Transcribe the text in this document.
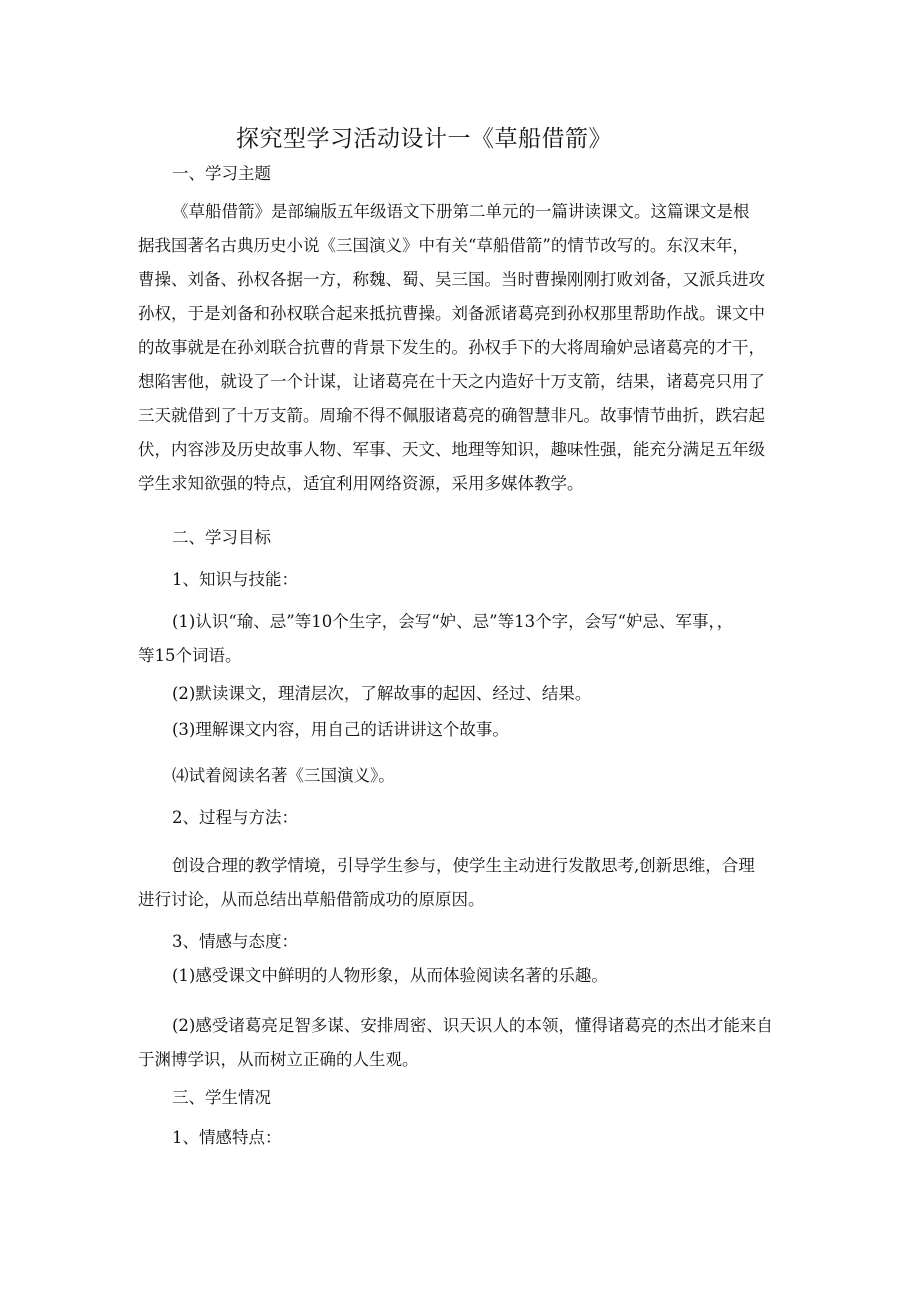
探究型学习活动设计一《草船借箭》
一、学习主题
《草船借箭》是部编版五年级语文下册第二单元的一篇讲读课文。这篇课文是根
据我国著名古典历史小说《三国演义》中有关“草船借箭”的情节改写的。东汉末年，
曹操、刘备、孙权各据一方，称魏、蜀、吴三国。当时曹操刚刚打败刘备，又派兵进攻
孙权，于是刘备和孙权联合起来抵抗曹操。刘备派诸葛亮到孙权那里帮助作战。课文中
的故事就是在孙刘联合抗曹的背景下发生的。孙权手下的大将周瑜妒忌诸葛亮的才干，
想陷害他，就设了一个计谋，让诸葛亮在十天之内造好十万支箭，结果，诸葛亮只用了
三天就借到了十万支箭。周瑜不得不佩服诸葛亮的确智慧非凡。故事情节曲折，跌宕起
伏，内容涉及历史故事人物、军事、天文、地理等知识，趣味性强，能充分满足五年级
学生求知欲强的特点，适宜利用网络资源，采用多媒体教学。
二、学习目标
1、知识与技能：
(1)认识“瑜、忌”等10个生字，会写“妒、忌”等13个字，会写“妒忌、军事，，
等15个词语。
(2)默读课文，理清层次，了解故事的起因、经过、结果。
(3)理解课文内容，用自己的话讲讲这个故事。
⑷试着阅读名著《三国演义》。
2、过程与方法：
创设合理的教学情境，引导学生参与，使学生主动进行发散思考,创新思维，合理
进行讨论，从而总结出草船借箭成功的原原因。
3、情感与态度：
(1)感受课文中鲜明的人物形象，从而体验阅读名著的乐趣。
(2)感受诸葛亮足智多谋、安排周密、识天识人的本领，懂得诸葛亮的杰出才能来自
于渊博学识，从而树立正确的人生观。
三、学生情况
1、情感特点：
